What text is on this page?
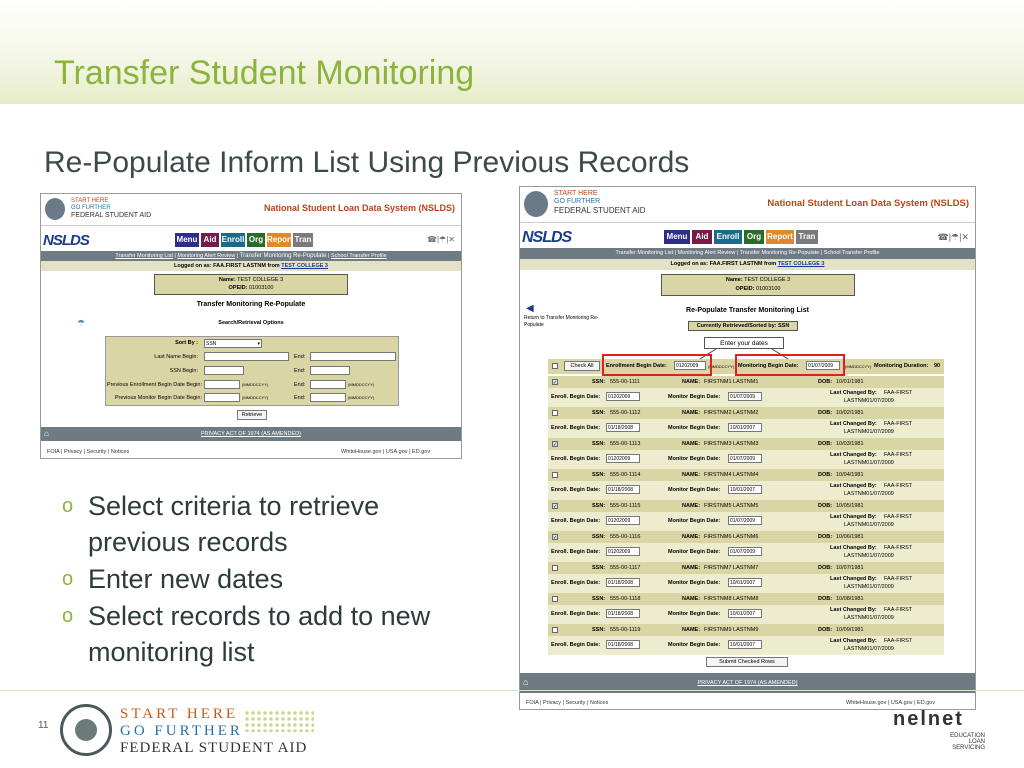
Transfer Student Monitoring
Re-Populate Inform List Using Previous Records
START HERE
GO FURTHER
FEDERAL STUDENT AID
National Student Loan Data System (NSLDS)
NSLDS	Menu Aid Enroll Org Report Tran	☎|☂|✕
Transfer Monitoring List | Monitoring Alert Review | Transfer Monitoring Re-Populate | School Transfer Profile
Logged on as: FAA.FIRST LASTNM from TEST COLLEGE 3
Name: TEST COLLEGE 3
OPEID: 01003100
Transfer Monitoring Re-Populate
☂	Search/Retrieval Options
Sort By :	SSN	▾
Last Name Begin:	End:
SSN Begin:	End:
Previous Enrollment Begin Date Begin:	(MMDDCCYY)	End:	(MMDDCCYY)
Previous Monitor Begin Date Begin:	(MMDDCCYY)	End:	(MMDDCCYY)
Retrieve
PRIVACY ACT OF 1974 (AS AMENDED)
⌂
FOIA | Privacy | Security | Notices	WhiteHouse.gov | USA.gov | ED.gov
o Select criteria to retrieve previous records
o Enter new dates
o Select records to add to new monitoring list
START HERE
GO FURTHER
FEDERAL STUDENT AID
National Student Loan Data System (NSLDS)
NSLDS	Menu	Aid	Enroll Org Report Tran	☎|☂|✕
Transfer Monitoring List | Monitoring Alert Review | Transfer Monitoring Re-Populate | School Transfer Profile
Logged on as: FAA.FIRST LASTNM from TEST COLLEGE 3
Name: TEST COLLEGE 3
OPEID: 01003100
◀
Return to Transfer Monitoring Re-Populate
Re-Populate Transfer Monitoring List
Currently Retrieved/Sorted by: SSN
Enter your dates
Check All	Enrollment Begin Date:	01202009	(MMDDCCYY) Monitoring Begin Date:	01/07/2009	(MMDDCCYY) Monitoring Duration: 90
✓	SSN: 555-00-1111	NAME: FIRSTNM1 LASTNM1	DOB: 10/01/1981
Enroll. Begin Date:	01202009	Monitor Begin Date:	01/07/2009
Last Changed By: FAA-FIRST
LASTNM01/07/2009
SSN: 555-00-1112	NAME: FIRSTNM2 LASTNM2	DOB: 10/02/1981
Enroll. Begin Date:	01/18/2008	Monitor Begin Date:	10/01/2007
Last Changed By: FAA-FIRST
LASTNM01/07/2009
✓	SSN: 555-00-1113	NAME: FIRSTNM3 LASTNM3	DOB: 10/03/1981
Enroll. Begin Date:	01202009	Monitor Begin Date:	01/07/2009
Last Changed By: FAA-FIRST
LASTNM01/07/2009
SSN: 555-00-1114	NAME: FIRSTNM4 LASTNM4	DOB: 10/04/1981
Enroll. Begin Date:	01/18/2008	Monitor Begin Date:	10/01/2007
Last Changed By: FAA-FIRST
LASTNM01/07/2009
✓	SSN: 555-00-1115	NAME: FIRSTNM5 LASTNM5	DOB: 10/05/1981
Enroll. Begin Date:	01202009	Monitor Begin Date:	01/07/2009
Last Changed By: FAA-FIRST
LASTNM01/07/2009
✓	SSN: 555-00-1116	NAME: FIRSTNM6 LASTNM6	DOB: 10/06/1981
Enroll. Begin Date:	01202009	Monitor Begin Date:	01/07/2009
Last Changed By: FAA-FIRST
LASTNM01/07/2009
SSN: 555-00-1117	NAME: FIRSTNM7 LASTNM7	DOB: 10/07/1981
Enroll. Begin Date:	01/18/2008	Monitor Begin Date:	10/01/2007
Last Changed By: FAA-FIRST
LASTNM01/07/2009
SSN: 555-00-1118	NAME: FIRSTNM8 LASTNM8	DOB: 10/08/1981
Enroll. Begin Date:	01/18/2008	Monitor Begin Date:	10/01/2007
Last Changed By: FAA-FIRST
LASTNM01/07/2009
SSN: 555-00-1119	NAME: FIRSTNM9 LASTNM9	DOB: 10/09/1981
Enroll. Begin Date:	01/18/2008	Monitor Begin Date:	10/01/2007
Last Changed By: FAA-FIRST
LASTNM01/07/2009
Submit Checked Rows
PRIVACY ACT OF 1974 (AS AMENDED)
⌂
FOIA | Privacy | Security | Notices	WhiteHouse.gov | USA.gov | ED.gov
11
START HERE
GO FURTHER
FEDERAL STUDENT AID
nelnet
EDUCATION LOAN
SERVICING
